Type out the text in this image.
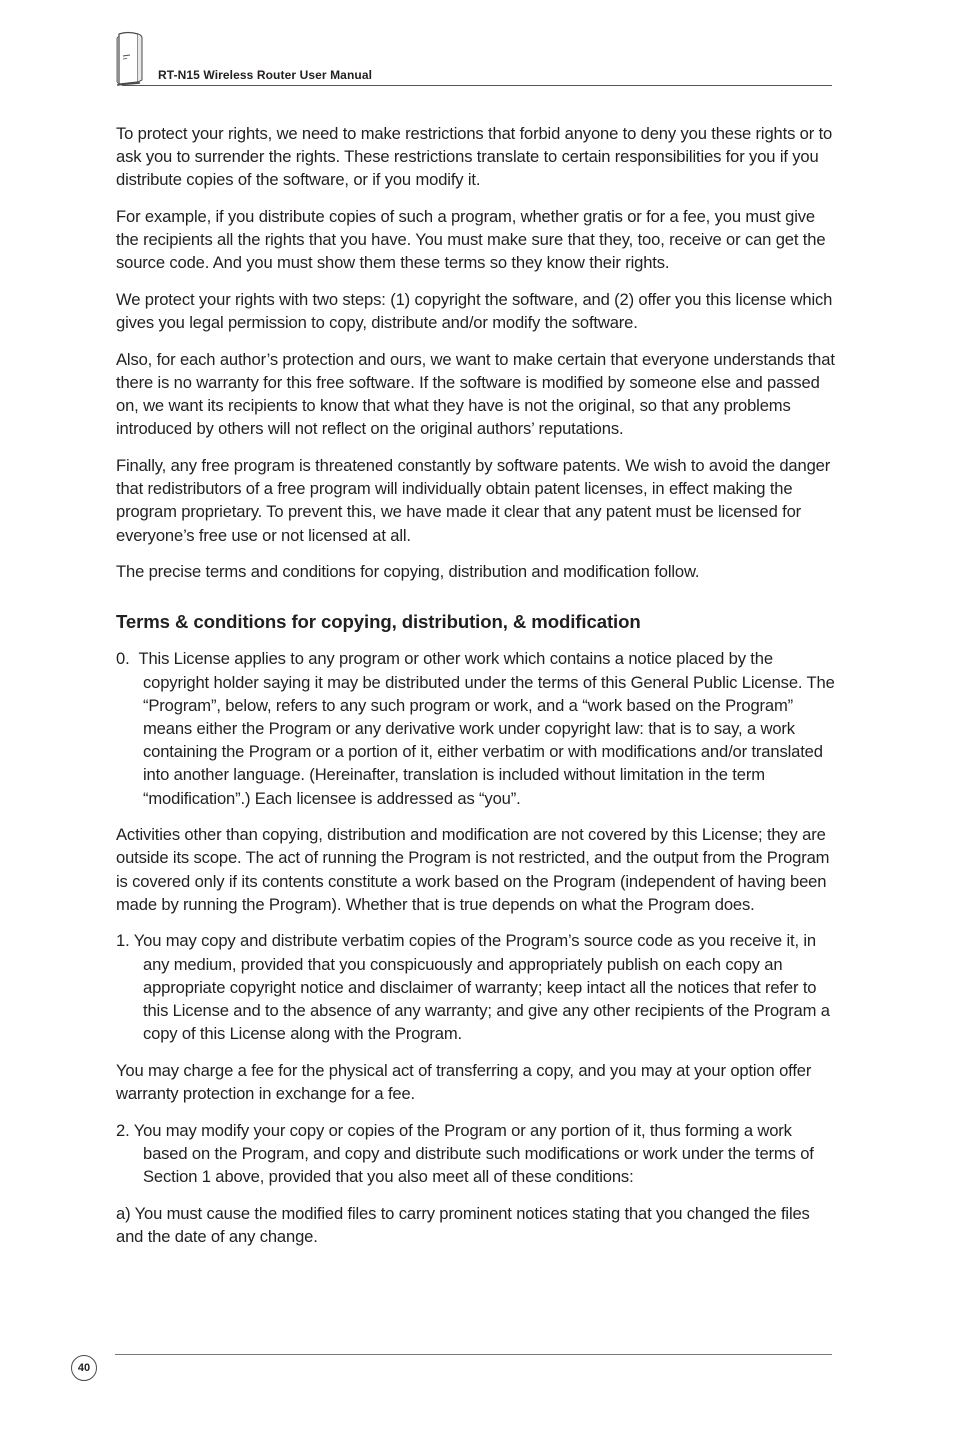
RT-N15 Wireless Router User Manual

To protect your rights, we need to make restrictions that forbid anyone to deny you these rights or to ask you to surrender the rights. These restrictions translate to certain responsibilities for you if you distribute copies of the software, or if you modify it.

For example, if you distribute copies of such a program, whether gratis or for a fee, you must give the recipients all the rights that you have. You must make sure that they, too, receive or can get the source code. And you must show them these terms so they know their rights.

We protect your rights with two steps: (1) copyright the software, and (2) offer you this license which gives you legal permission to copy, distribute and/or modify the software.

Also, for each author’s protection and ours, we want to make certain that everyone understands that there is no warranty for this free software. If the software is modified by someone else and passed on, we want its recipients to know that what they have is not the original, so that any problems introduced by others will not reflect on the original authors’ reputations.

Finally, any free program is threatened constantly by software patents. We wish to avoid the danger that redistributors of a free program will individually obtain patent licenses, in effect making the program proprietary. To prevent this, we have made it clear that any patent must be licensed for everyone’s free use or not licensed at all.

The precise terms and conditions for copying, distribution and modification follow.

Terms & conditions for copying, distribution, & modification
0. This License applies to any program or other work which contains a notice placed by the copyright holder saying it may be distributed under the terms of this General Public License. The “Program”, below, refers to any such program or work, and a “work based on the Program” means either the Program or any derivative work under copyright law: that is to say, a work containing the Program or a portion of it, either verbatim or with modifications and/or translated into another language. (Hereinafter, translation is included without limitation in the term “modification”.) Each licensee is addressed as “you”.

Activities other than copying, distribution and modification are not covered by this License; they are outside its scope. The act of running the Program is not restricted, and the output from the Program is covered only if its contents constitute a work based on the Program (independent of having been made by running the Program). Whether that is true depends on what the Program does.

1. You may copy and distribute verbatim copies of the Program’s source code as you receive it, in any medium, provided that you conspicuously and appropriately publish on each copy an appropriate copyright notice and disclaimer of warranty; keep intact all the notices that refer to this License and to the absence of any warranty; and give any other recipients of the Program a copy of this License along with the Program.

You may charge a fee for the physical act of transferring a copy, and you may at your option offer warranty protection in exchange for a fee.

2. You may modify your copy or copies of the Program or any portion of it, thus forming a work based on the Program, and copy and distribute such modifications or work under the terms of Section 1 above, provided that you also meet all of these conditions:

a) You must cause the modified files to carry prominent notices stating that you changed the files and the date of any change.

40
